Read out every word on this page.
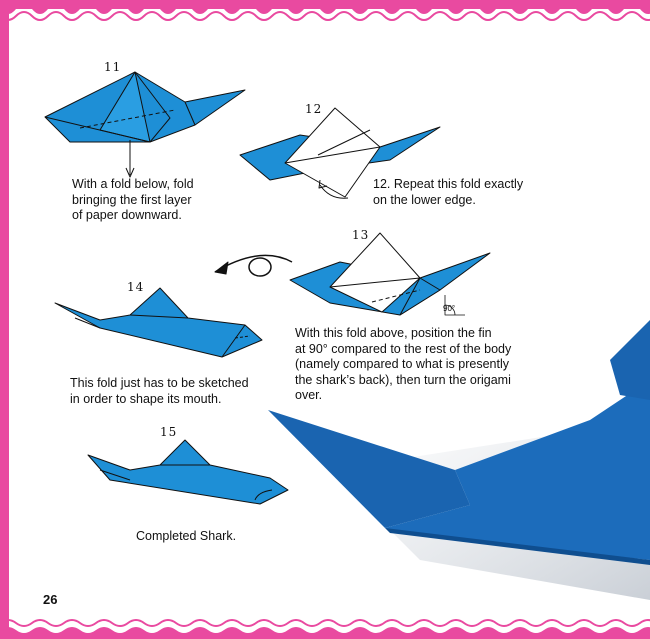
11
12
13
14
15
With a fold below, fold
bringing the first layer
of paper downward.
12. Repeat this fold exactly
on the lower edge.
With this fold above, position the fin
at 90° compared to the rest of the body
(namely compared to what is presently
the shark’s back), then turn the origami
over.
This fold just has to be sketched
in order to shape its mouth.
Completed Shark.
90°
26
